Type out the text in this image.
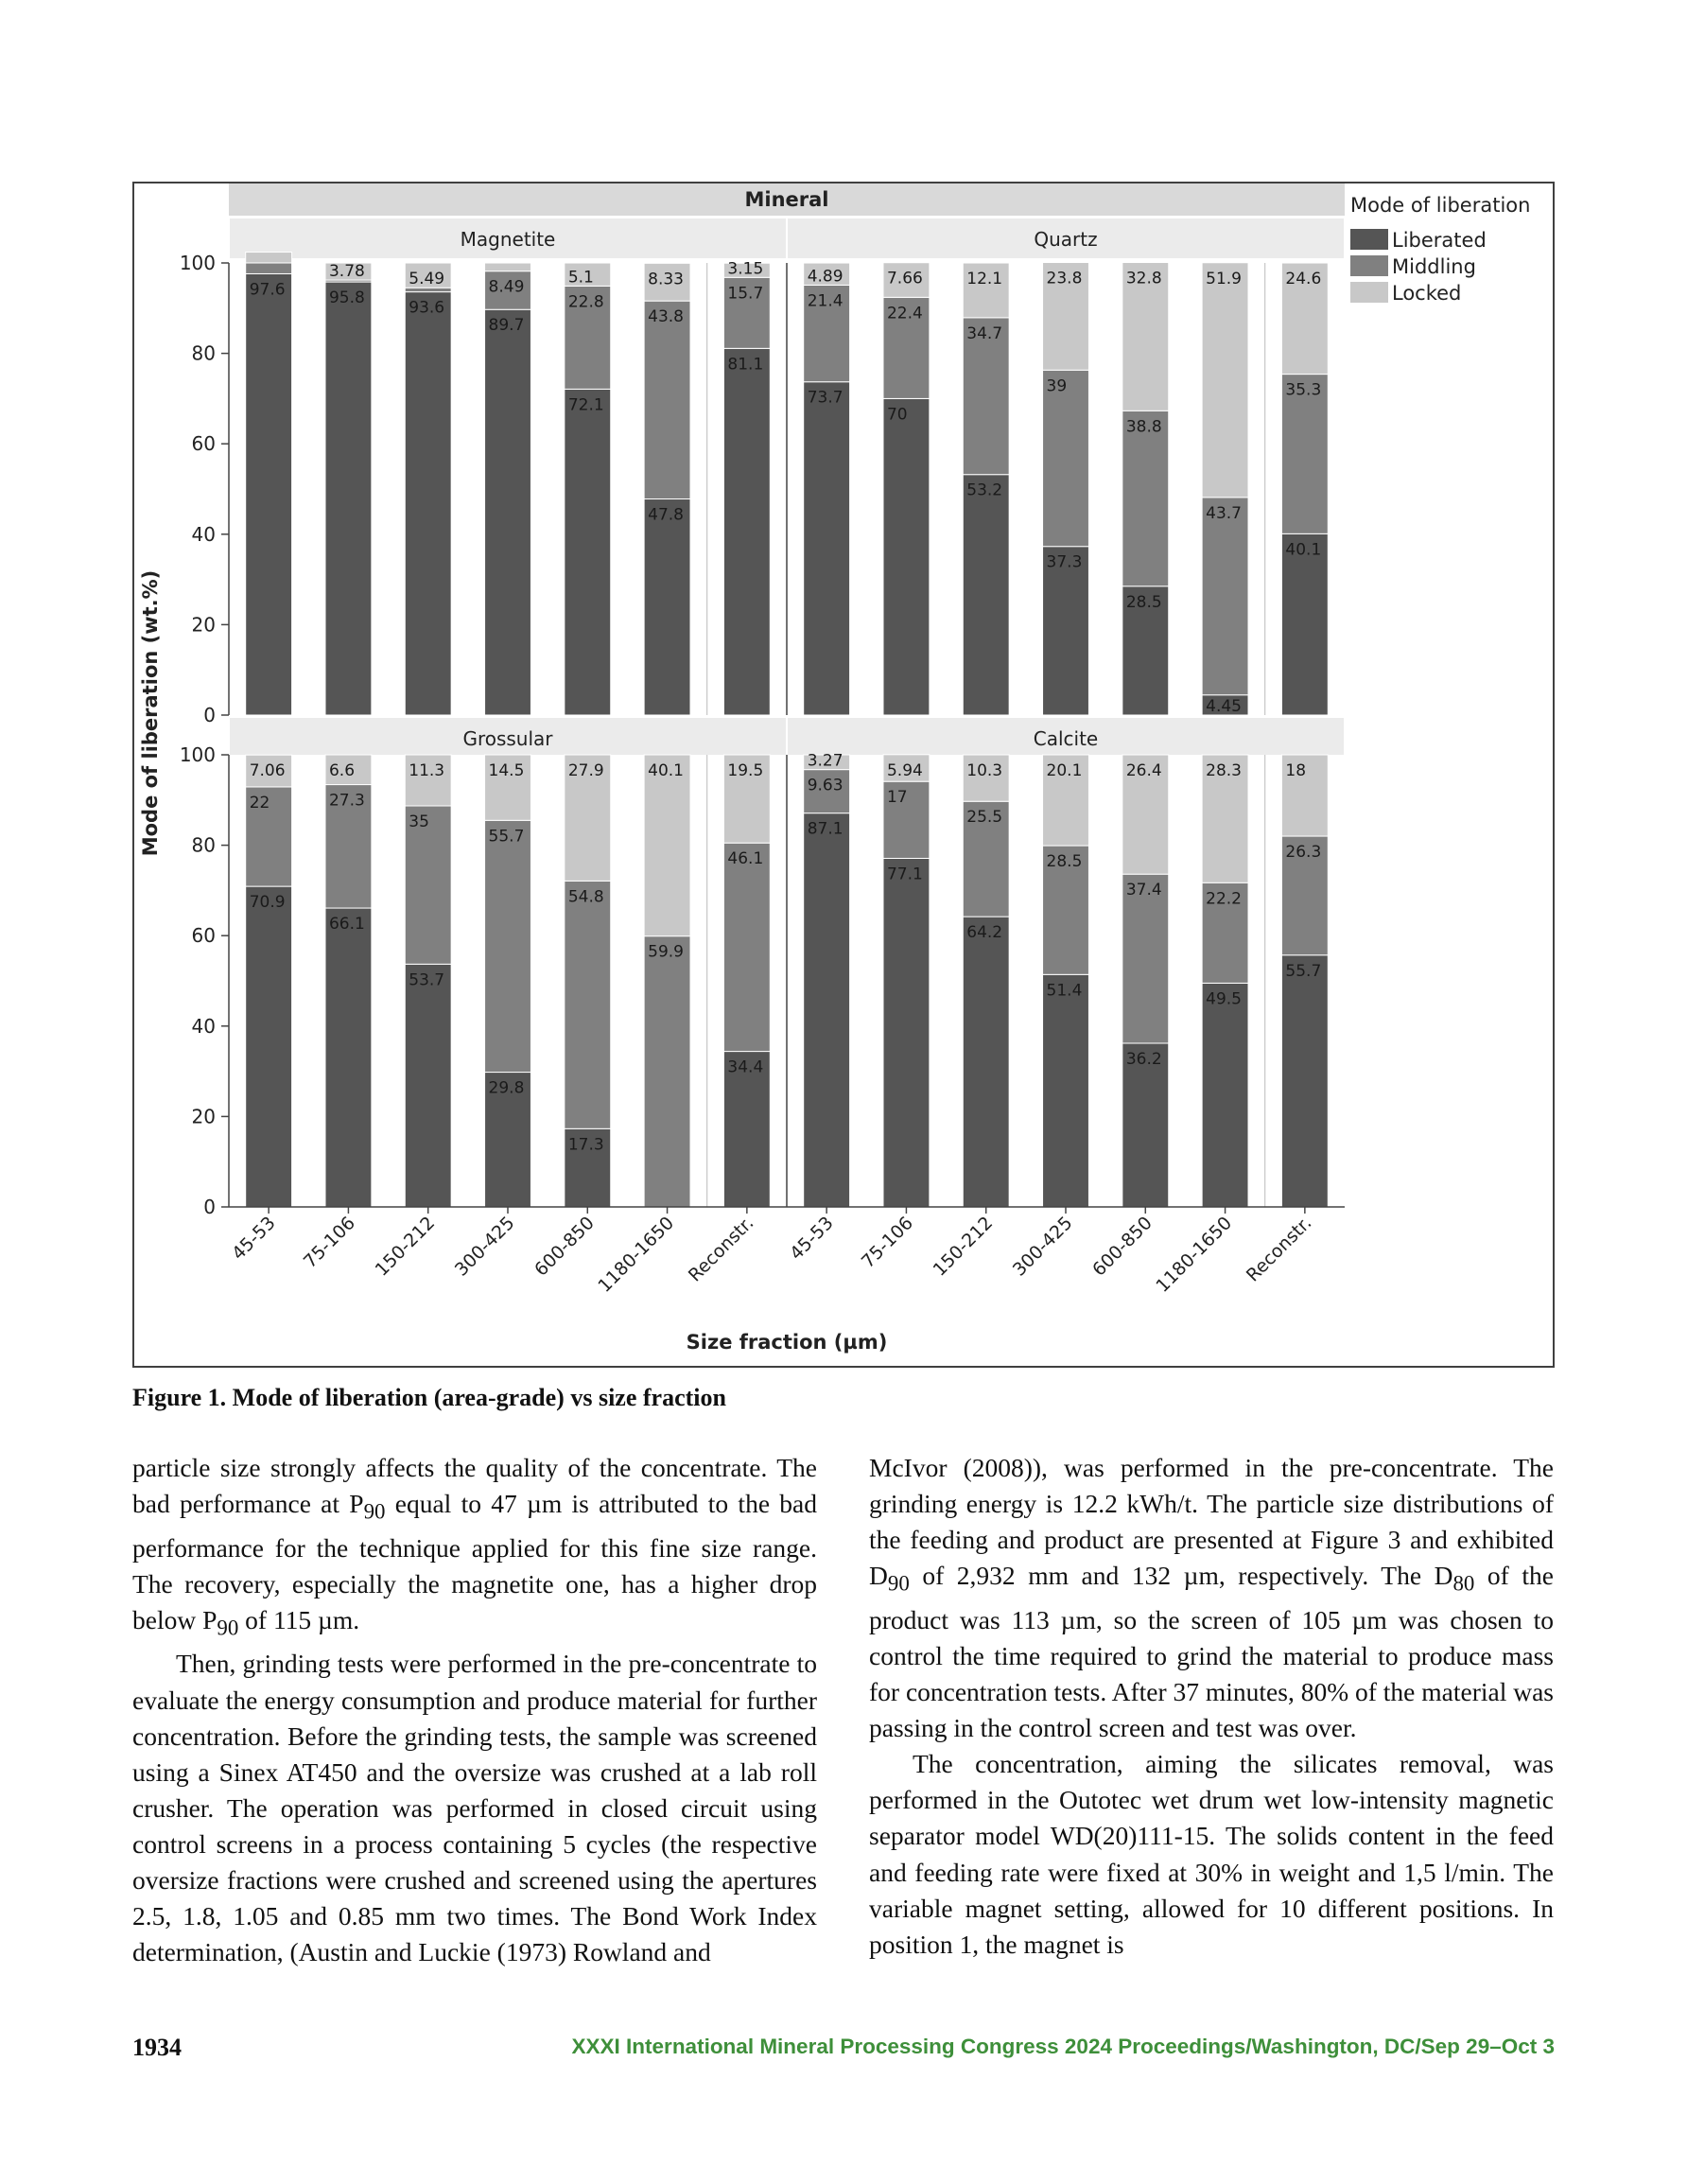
Mineral
Mode of liberation (wt.%)
Size fraction (µm)
Magnetite
97.6	95.8
3.78
93.6
5.49
89.7
8.49
72.1
22.8
5.1
47.8
43.8
8.33
81.1
15.7
3.15
0
20
40
60
80
100
Quartz
73.7
21.4
4.89
70
22.4
7.66
53.2
34.7
12.1
37.3
39
23.8
28.5
38.8
32.8
4.45
43.7
51.9
40.1
35.3
24.6
Grossular
70.9
22
7.06
66.1
27.3
6.6
53.7
35
11.3
29.8
55.7
14.5
17.3
54.8
27.9
59.9
40.1
34.4
46.1
19.5
0
20
40
60
80
100
45-53 75-106 150-212 300-425 600-850
1180-1650 Reconstr.
Calcite
87.1
9.63
3.27
77.1
17
5.94
64.2
25.5
10.3
51.4
28.5
20.1
36.2
37.4
26.4
49.5
22.2
28.3
55.7
26.3
18
45-53 75-106 150-212 300-425 600-850
1180-1650 Reconstr.
Mode of liberation
Liberated
Middling
Locked
Figure 1. Mode of liberation (area-grade) vs size fraction

particle size strongly affects the quality of the concentrate. The bad performance at $P_{90}$ equal to 47 µm is attributed to the bad performance for the technique applied for this fine size range. The recovery, especially the magnetite one, has a higher drop below $P_{90}$ of 115 µm.

Then, grinding tests were performed in the pre-concentrate to evaluate the energy consumption and produce material for further concentration. Before the grinding tests, the sample was screened using a Sinex AT450 and the oversize was crushed at a lab roll crusher. The operation was performed in closed circuit using control screens in a process containing 5 cycles (the respective oversize fractions were crushed and screened using the apertures 2.5, 1.8, 1.05 and 0.85 mm two times. The Bond Work Index determination, (Austin and Luckie (1973) Rowland and

McIvor (2008)), was performed in the pre-concentrate. The grinding energy is 12.2 kWh/t. The particle size distributions of the feeding and product are presented at Figure 3 and exhibited $D_{90}$ of 2,932 mm and 132 µm, respectively. The $D_{80}$ of the product was 113 µm, so the screen of 105 µm was chosen to control the time required to grind the material to produce mass for concentration tests. After 37 minutes, 80% of the material was passing in the control screen and test was over.

The concentration, aiming the silicates removal, was performed in the Outotec wet drum wet low-intensity magnetic separator model WD(20)111-15. The solids content in the feed and feeding rate were fixed at 30% in weight and 1,5 l/min. The variable magnet setting, allowed for 10 different positions. In position 1, the magnet is

1934	XXXI International Mineral Processing Congress 2024 Proceedings/Washington, DC/Sep 29–Oct 3
